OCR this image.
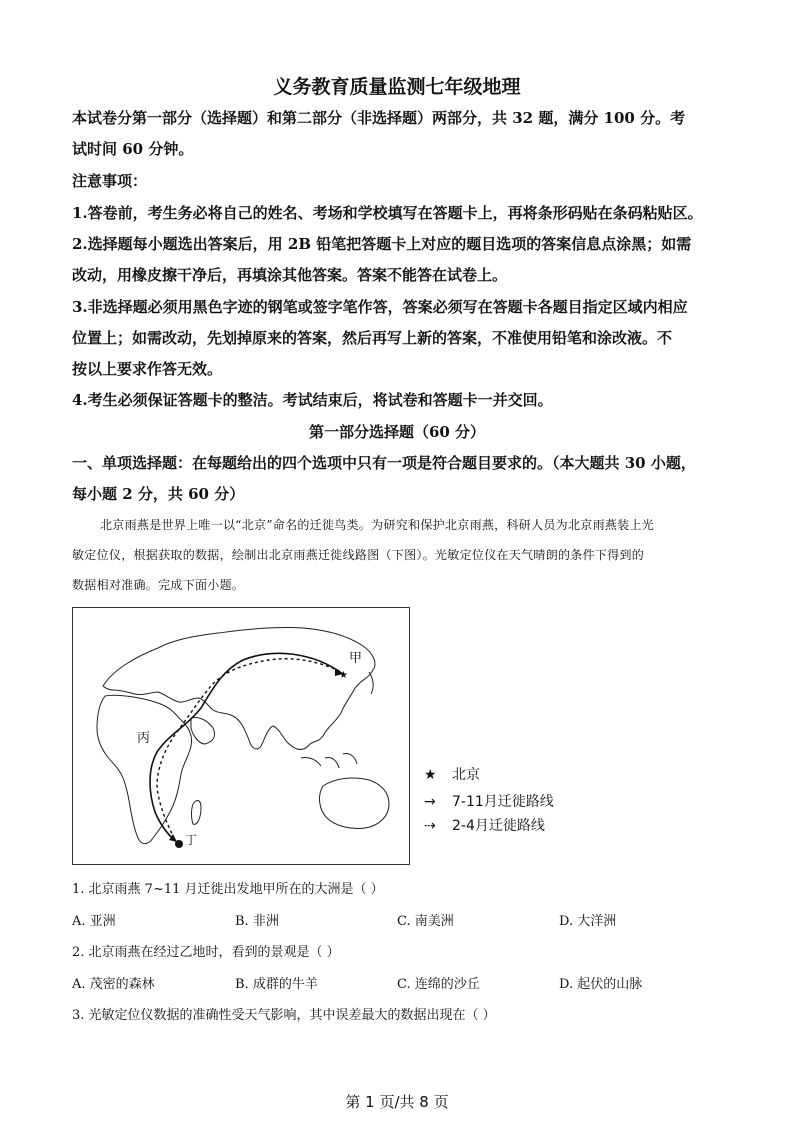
义务教育质量监测七年级地理
本试卷分第一部分（选择题）和第二部分（非选择题）两部分，共 32 题，满分 100 分。考
试时间 60 分钟。
注意事项：
1.答卷前，考生务必将自己的姓名、考场和学校填写在答题卡上，再将条形码贴在条码粘贴区。
2.选择题每小题选出答案后，用 2B 铅笔把答题卡上对应的题目选项的答案信息点涂黑；如需
改动，用橡皮擦干净后，再填涂其他答案。答案不能答在试卷上。
3.非选择题必须用黑色字迹的钢笔或签字笔作答，答案必须写在答题卡各题目指定区域内相应
位置上；如需改动，先划掉原来的答案，然后再写上新的答案，不准使用铅笔和涂改液。不
按以上要求作答无效。
4.考生必须保证答题卡的整洁。考试结束后，将试卷和答题卡一并交回。
第一部分选择题（60 分）
一、单项选择题：在每题给出的四个选项中只有一项是符合题目要求的。（本大题共 30 小题，
每小题 2 分，共 60 分）
北京雨燕是世界上唯一以“北京”命名的迁徙鸟类。为研究和保护北京雨燕，科研人员为北京雨燕装上光
敏定位仪，根据获取的数据，绘制出北京雨燕迁徙线路图（下图）。光敏定位仪在天气晴朗的条件下得到的
数据相对准确。完成下面小题。
★
甲
丙
丁
★ 北京
→ 7-11月迁徙路线
⇢ 2-4月迁徙路线
1. 北京雨燕 7~11 月迁徙出发地甲所在的大洲是（ ）
A. 亚洲	B. 非洲	C. 南美洲	D. 大洋洲
2. 北京雨燕在经过乙地时，看到的景观是（ ）
A. 茂密的森林	B. 成群的牛羊	C. 连绵的沙丘	D. 起伏的山脉
3. 光敏定位仪数据的准确性受天气影响，其中误差最大的数据出现在（ ）
第 1 页/共 8 页
